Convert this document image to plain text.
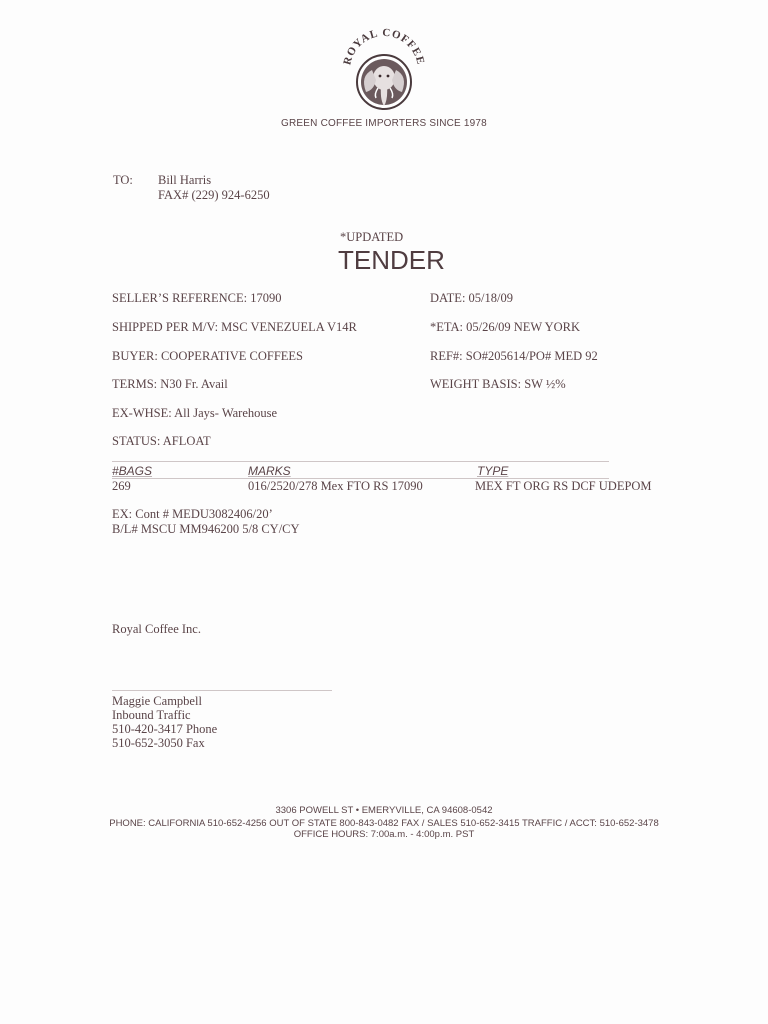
ROYAL COFFEE
GREEN COFFEE IMPORTERS SINCE 1978
TO: Bill Harris
FAX# (229) 924-6250
*UPDATED
TENDER
SELLER’S REFERENCE: 17090	DATE: 05/18/09
SHIPPED PER M/V: MSC VENEZUELA V14R	*ETA: 05/26/09 NEW YORK
BUYER: COOPERATIVE COFFEES	REF#: SO#205614/PO# MED 92
TERMS: N30 Fr. Avail	WEIGHT BASIS: SW ½%
EX-WHSE: All Jays- Warehouse
STATUS: AFLOAT
#BAGS	MARKS	TYPE
269	016/2520/278 Mex FTO RS 17090	MEX FT ORG RS DCF UDEPOM
EX: Cont # MEDU3082406/20’
B/L# MSCU MM946200 5/8 CY/CY
Royal Coffee Inc.
Maggie Campbell
Inbound Traffic
510-420-3417 Phone
510-652-3050 Fax
3306 POWELL ST • EMERYVILLE, CA 94608-0542
PHONE: CALIFORNIA 510-652-4256 OUT OF STATE 800-843-0482 FAX / SALES 510-652-3415 TRAFFIC / ACCT: 510-652-3478
OFFICE HOURS: 7:00a.m. - 4:00p.m. PST
